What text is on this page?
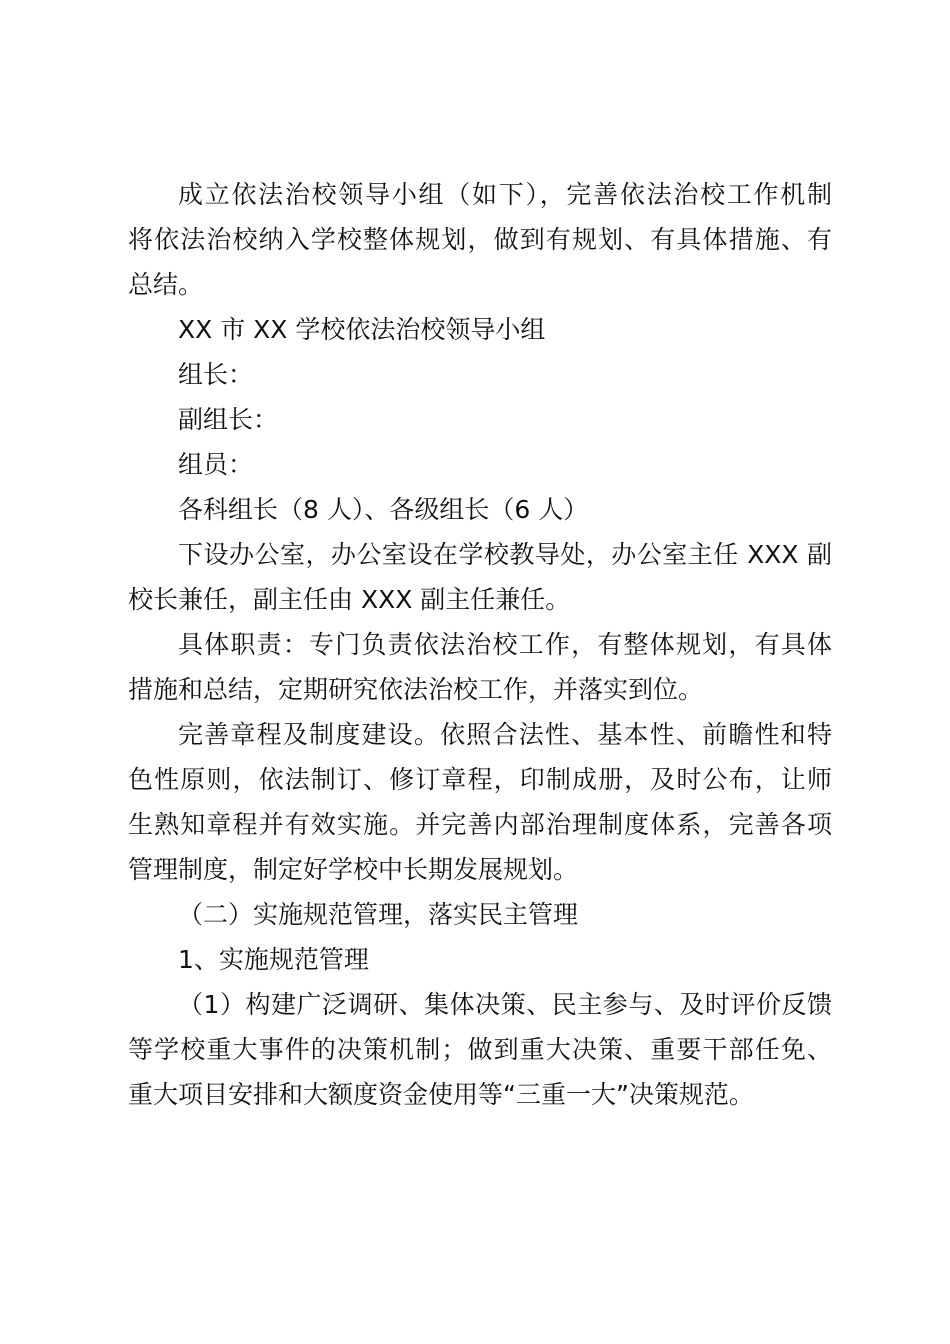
成立依法治校领导小组（如下），完善依法治校工作机制
将依法治校纳入学校整体规划，做到有规划、有具体措施、有
总结。
XX 市 XX 学校依法治校领导小组
组长：
副组长：
组员：
各科组长（8 人）、各级组长（6 人）
下设办公室，办公室设在学校教导处，办公室主任 XXX 副
校长兼任，副主任由 XXX 副主任兼任。
具体职责：专门负责依法治校工作，有整体规划，有具体
措施和总结，定期研究依法治校工作，并落实到位。
完善章程及制度建设。依照合法性、基本性、前瞻性和特
色性原则，依法制订、修订章程，印制成册，及时公布，让师
生熟知章程并有效实施。并完善内部治理制度体系，完善各项
管理制度，制定好学校中长期发展规划。
（二）实施规范管理，落实民主管理
1、实施规范管理
（1）构建广泛调研、集体决策、民主参与、及时评价反馈
等学校重大事件的决策机制；做到重大决策、重要干部任免、
重大项目安排和大额度资金使用等“三重一大”决策规范。
